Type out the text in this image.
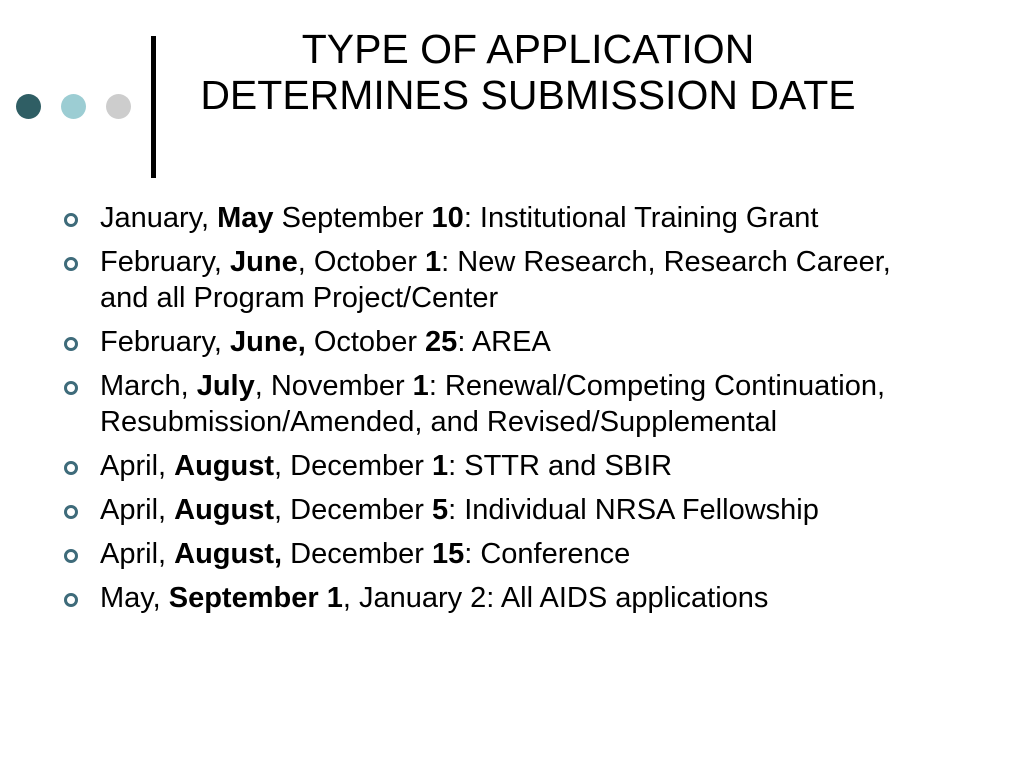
TYPE OF APPLICATION
DETERMINES SUBMISSION DATE
January, May September 10: Institutional Training Grant
February, June, October 1: New Research, Research Career, and all Program Project/Center
February, June, October 25: AREA
March, July, November 1: Renewal/Competing Continuation, Resubmission/Amended, and Revised/Supplemental
April, August, December 1: STTR and SBIR
April, August, December 5: Individual NRSA Fellowship
April, August, December 15: Conference
May, September 1, January 2: All AIDS applications
